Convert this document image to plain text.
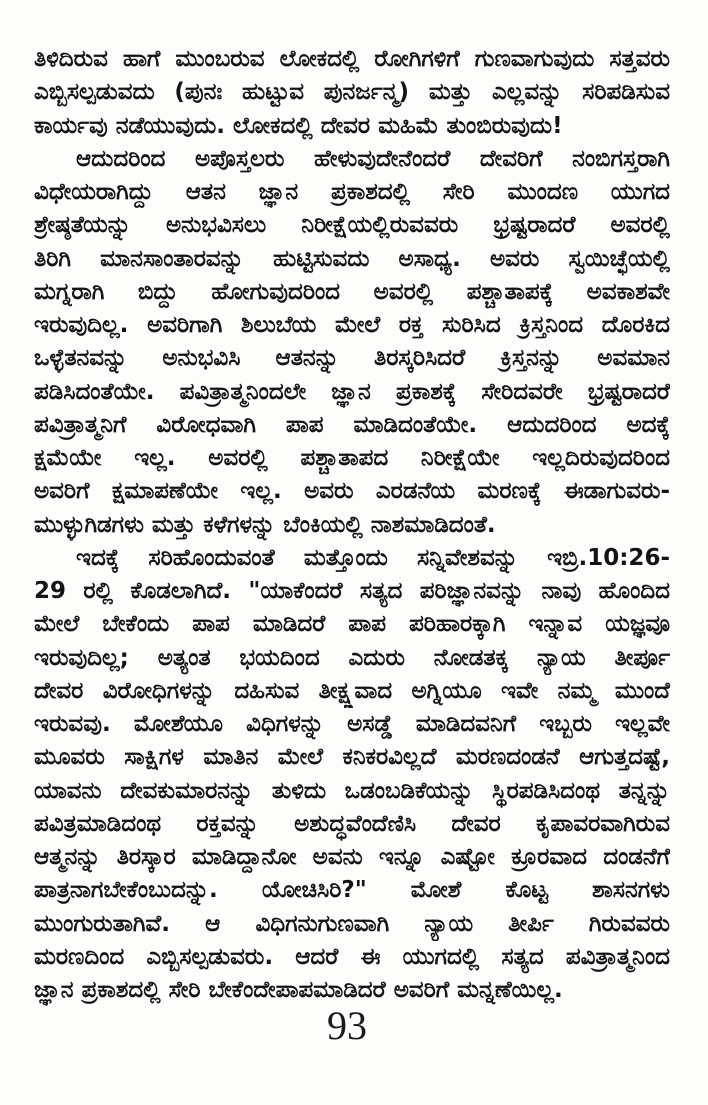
ತಿಳಿದಿರುವ ಹಾಗೆ ಮುಂಬರುವ ಲೋಕದಲ್ಲಿ ರೋಗಿಗಳಿಗೆ ಗುಣವಾಗುವುದು ಸತ್ತವರು
ಎಬ್ಬಿಸಲ್ಪಡುವದು (ಪುನಃ ಹುಟ್ಟುವ ಪುನರ್ಜನ್ಮ) ಮತ್ತು ಎಲ್ಲವನ್ನು ಸರಿಪಡಿಸುವ
ಕಾರ್ಯವು ನಡೆಯುವುದು. ಲೋಕದಲ್ಲಿ ದೇವರ ಮಹಿಮೆ ತುಂಬಿರುವುದು!
ಆದುದರಿಂದ ಅಪೊಸ್ತಲರು ಹೇಳುವುದೇನೆಂದರೆ ದೇವರಿಗೆ ನಂಬಿಗಸ್ತರಾಗಿ
ವಿಧೇಯರಾಗಿದ್ದು ಆತನ ಜ್ಞಾನ ಪ್ರಕಾಶದಲ್ಲಿ ಸೇರಿ ಮುಂದಣ ಯುಗದ
ಶ್ರೇಷ್ಠತೆಯನ್ನು ಅನುಭವಿಸಲು ನಿರೀಕ್ಷೆಯಲ್ಲಿರುವವರು ಭ್ರಷ್ಟರಾದರೆ ಅವರಲ್ಲಿ
ತಿರಿಗಿ ಮಾನಸಾಂತಾರವನ್ನು ಹುಟ್ಟಿಸುವದು ಅಸಾಧ್ಯ. ಅವರು ಸ್ವಯಿಚ್ಛೆಯಲ್ಲಿ
ಮಗ್ನರಾಗಿ ಬಿದ್ದು ಹೋಗುವುದರಿಂದ ಅವರಲ್ಲಿ ಪಶ್ಚಾತಾಪಕ್ಕೆ ಅವಕಾಶವೇ
ಇರುವುದಿಲ್ಲ. ಅವರಿಗಾಗಿ ಶಿಲುಬೆಯ ಮೇಲೆ ರಕ್ತ ಸುರಿಸಿದ ಕ್ರಿಸ್ತನಿಂದ ದೊರಕಿದ
ಒಳ್ಳೆತನವನ್ನು ಅನುಭವಿಸಿ ಆತನನ್ನು ತಿರಸ್ಕರಿಸಿದರೆ ಕ್ರಿಸ್ತನನ್ನು ಅವಮಾನ
ಪಡಿಸಿದಂತೆಯೇ. ಪವಿತ್ರಾತ್ಮನಿಂದಲೇ ಜ್ಞಾನ ಪ್ರಕಾಶಕ್ಕೆ ಸೇರಿದವರೇ ಭ್ರಷ್ಟರಾದರೆ
ಪವಿತ್ರಾತ್ಮನಿಗೆ ವಿರೋಧವಾಗಿ ಪಾಪ ಮಾಡಿದಂತೆಯೇ. ಆದುದರಿಂದ ಅದಕ್ಕೆ
ಕ್ಷಮೆಯೇ ಇಲ್ಲ. ಅವರಲ್ಲಿ ಪಶ್ಚಾತಾಪದ ನಿರೀಕ್ಷೆಯೇ ಇಲ್ಲದಿರುವುದರಿಂದ
ಅವರಿಗೆ ಕ್ಷಮಾಪಣೆಯೇ ಇಲ್ಲ. ಅವರು ಎರಡನೆಯ ಮರಣಕ್ಕೆ ಈಡಾಗುವರು-
ಮುಳ್ಳುಗಿಡಗಳು ಮತ್ತು ಕಳೆಗಳನ್ನು ಬೆಂಕಿಯಲ್ಲಿ ನಾಶಮಾಡಿದಂತೆ.
ಇದಕ್ಕೆ ಸರಿಹೊಂದುವಂತೆ ಮತ್ತೊಂದು ಸನ್ನಿವೇಶವನ್ನು ಇಬ್ರಿ.10:26-
29 ರಲ್ಲಿ ಕೊಡಲಾಗಿದೆ. "ಯಾಕೆಂದರೆ ಸತ್ಯದ ಪರಿಜ್ಞಾನವನ್ನು ನಾವು ಹೊಂದಿದ
ಮೇಲೆ ಬೇಕೆಂದು ಪಾಪ ಮಾಡಿದರೆ ಪಾಪ ಪರಿಹಾರಕ್ಕಾಗಿ ಇನ್ನಾವ ಯಜ್ಞವೂ
ಇರುವುದಿಲ್ಲ; ಅತ್ಯಂತ ಭಯದಿಂದ ಎದುರು ನೋಡತಕ್ಕ ನ್ಯಾಯ ತೀರ್ಪೂ
ದೇವರ ವಿರೋಧಿಗಳನ್ನು ದಹಿಸುವ ತೀಕ್ಷ್ಣವಾದ ಅಗ್ನಿಯೂ ಇವೇ ನಮ್ಮ ಮುಂದೆ
ಇರುವವು. ಮೋಶೆಯೂ ವಿಧಿಗಳನ್ನು ಅಸಡ್ಡೆ ಮಾಡಿದವನಿಗೆ ಇಬ್ಬರು ಇಲ್ಲವೇ
ಮೂವರು ಸಾಕ್ಷಿಗಳ ಮಾತಿನ ಮೇಲೆ ಕನಿಕರವಿಲ್ಲದೆ ಮರಣದಂಡನೆ ಆಗುತ್ತದಷ್ಟೆ,
ಯಾವನು ದೇವಕುಮಾರನನ್ನು ತುಳಿದು ಒಡಂಬಡಿಕೆಯನ್ನು ಸ್ಥಿರಪಡಿಸಿದಂಥ ತನ್ನನ್ನು
ಪವಿತ್ರಮಾಡಿದಂಥ ರಕ್ತವನ್ನು ಅಶುದ್ಧವೆಂದೆಣಿಸಿ ದೇವರ ಕೃಪಾವರವಾಗಿರುವ
ಆತ್ಮನನ್ನು ತಿರಸ್ಕಾರ ಮಾಡಿದ್ದಾನೋ ಅವನು ಇನ್ನೂ ಎಷ್ಟೋ ಕ್ರೂರವಾದ ದಂಡನೆಗೆ
ಪಾತ್ರನಾಗಬೇಕೆಂಬುದನ್ನು. ಯೋಚಿಸಿರಿ?" ಮೋಶೆ ಕೊಟ್ಟ ಶಾಸನಗಳು
ಮುಂಗುರುತಾಗಿವೆ. ಆ ವಿಧಿಗನುಗುಣವಾಗಿ ನ್ಯಾಯ ತೀರ್ಪಿ ಗಿರುವವರು
ಮರಣದಿಂದ ಎಬ್ಬಿಸಲ್ಪಡುವರು. ಆದರೆ ಈ ಯುಗದಲ್ಲಿ ಸತ್ಯದ ಪವಿತ್ರಾತ್ಮನಿಂದ
ಜ್ಞಾನ ಪ್ರಕಾಶದಲ್ಲಿ ಸೇರಿ ಬೇಕೆಂದೇಪಾಪಮಾಡಿದರೆ ಅವರಿಗೆ ಮನ್ನಣೆಯಿಲ್ಲ.
93
